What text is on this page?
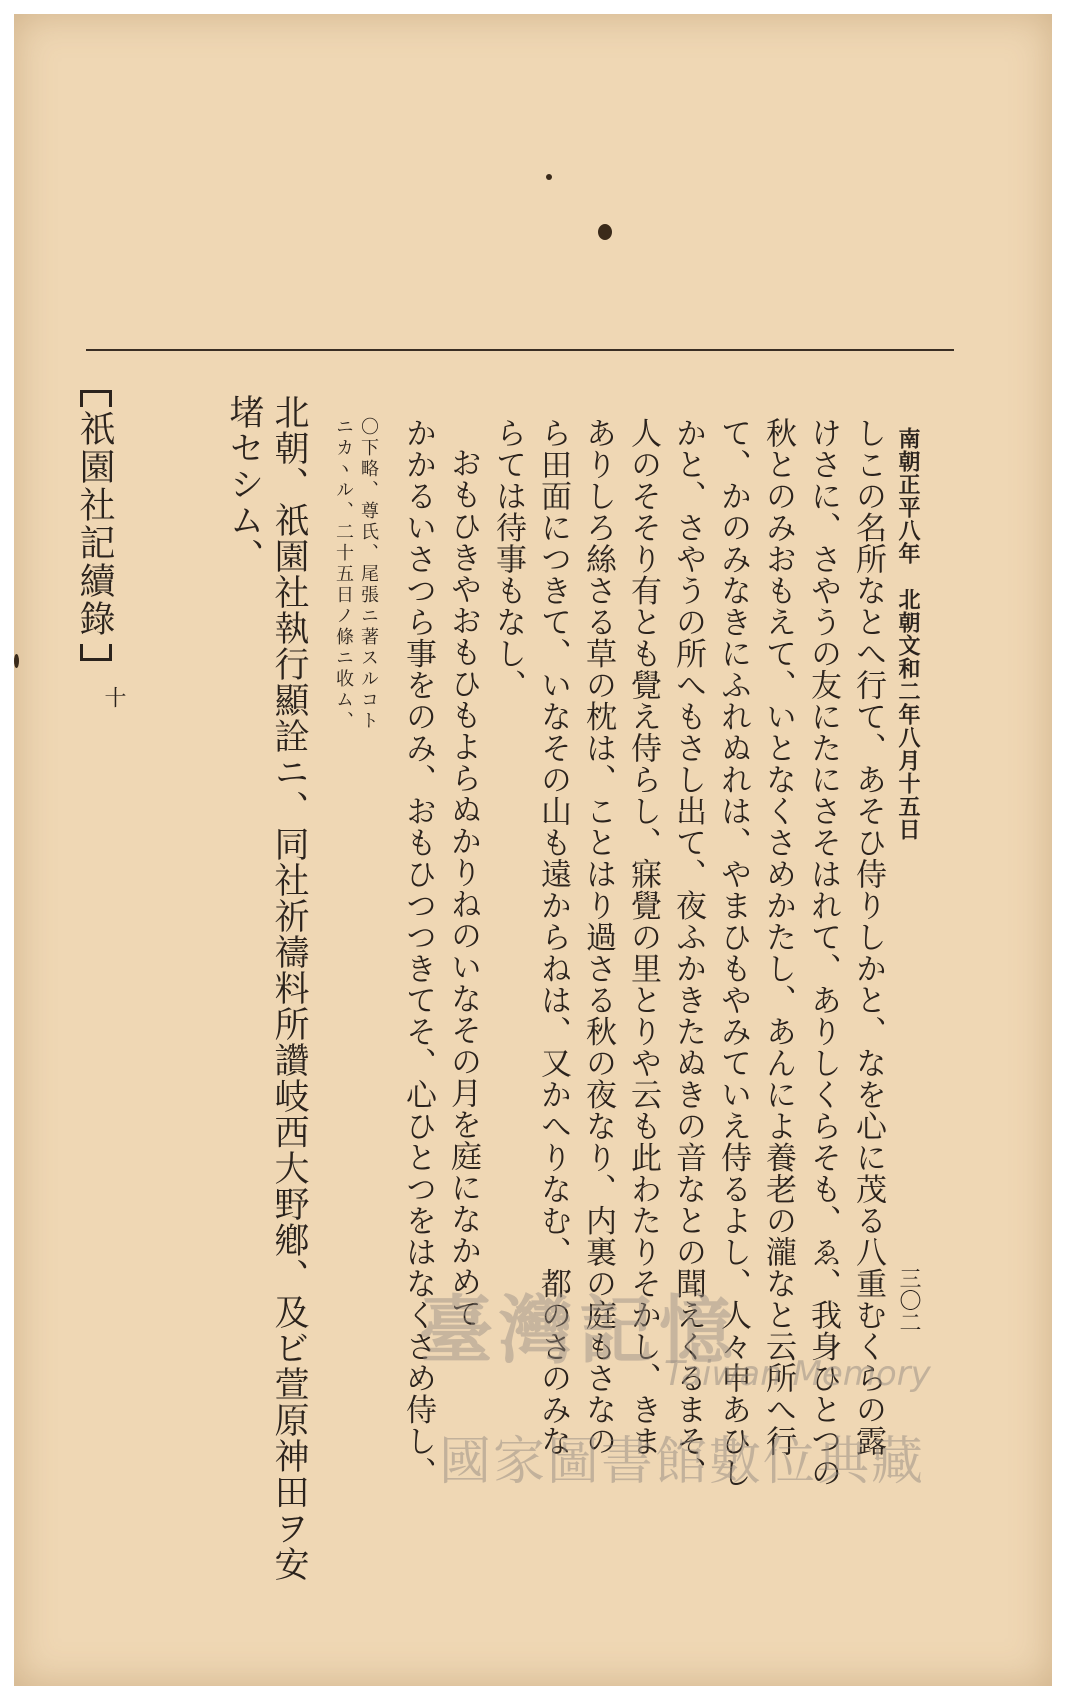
南朝正平八年　北朝文和二年八月十五日
三〇二
しこの名所なとへ行て、あそひ侍りしかと、なを心に茂る八重むくらの露
けさに、さやうの友にたにさそはれて、ありしくらそも、ゑ、我身ひとつの
秋とのみおもえて、いとなくさめかたし、あんによ養老の瀧なと云所へ行
て、かのみなきにふれぬれは、やまひもやみていえ侍るよし、人々申あひし
かと、さやうの所へもさし出て、夜ふかきたぬきの音なとの聞えくるまそ、
人のそそり有とも覺え侍らし、寐覺の里とりや云も此わたりそかし、きま
ありしろ絲さる草の枕は、ことはり過さる秋の夜なり、内裏の庭もさなの
ら田面につきて、いなその山も遠からねは、又かへりなむ、都のさのみな
らては待事もなし、
おもひきやおもひもよらぬかりねのいなその月を庭になかめて
かかるいさつら事をのみ、おもひつつきてそ、心ひとつをはなくさめ侍し、
〇下略、尊氏、尾張ニ著スルコト
ニカヽル、二十五日ノ條ニ收ム、
北朝、祇園社執行顯詮ニ、同社祈禱料所讚岐西大野鄕、及ビ萱原神田ヲ安
堵セシム、
祇園社記續錄
十
臺灣記憶
Taiwan Memory
國家圖書館數位典藏
